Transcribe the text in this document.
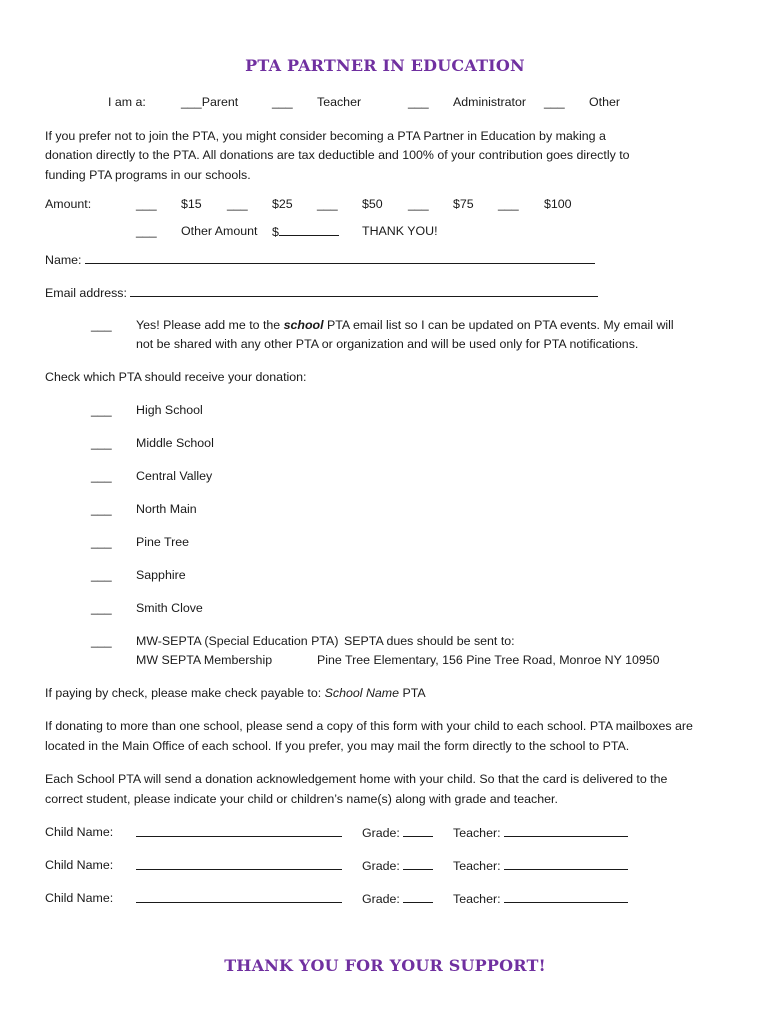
PTA PARTNER IN EDUCATION
I am a:	___Parent	___ Teacher	___ Administrator ___ Other
If you prefer not to join the PTA, you might consider becoming a PTA Partner in Education by making a
donation directly to the PTA. All donations are tax deductible and 100% of your contribution goes directly to
funding PTA programs in our schools.
Amount:	___ $15 ___ $25 ___ $50 ___ $75 ___ $100
___ Other Amount $	THANK YOU!
Name:
Email address:
___ Yes! Please add me to the school PTA email list so I can be updated on PTA events. My email will
not be shared with any other PTA or organization and will be used only for PTA notifications.
Check which PTA should receive your donation:
___ High School
___ Middle School
___ Central Valley
___ North Main
___ Pine Tree
___ Sapphire
___ Smith Clove
___ MW-SEPTA (Special Education PTA) SEPTA dues should be sent to:
MW SEPTA Membership	Pine Tree Elementary, 156 Pine Tree Road, Monroe NY 10950
If paying by check, please make check payable to: School Name PTA
If donating to more than one school, please send a copy of this form with your child to each school. PTA mailboxes are
located in the Main Office of each school. If you prefer, you may mail the form directly to the school to PTA.
Each School PTA will send a donation acknowledgement home with your child. So that the card is delivered to the
correct student, please indicate your child or children’s name(s) along with grade and teacher.
Child Name:	Grade:	Teacher:
Child Name:	Grade:	Teacher:
Child Name:	Grade:	Teacher:
THANK YOU FOR YOUR SUPPORT!
